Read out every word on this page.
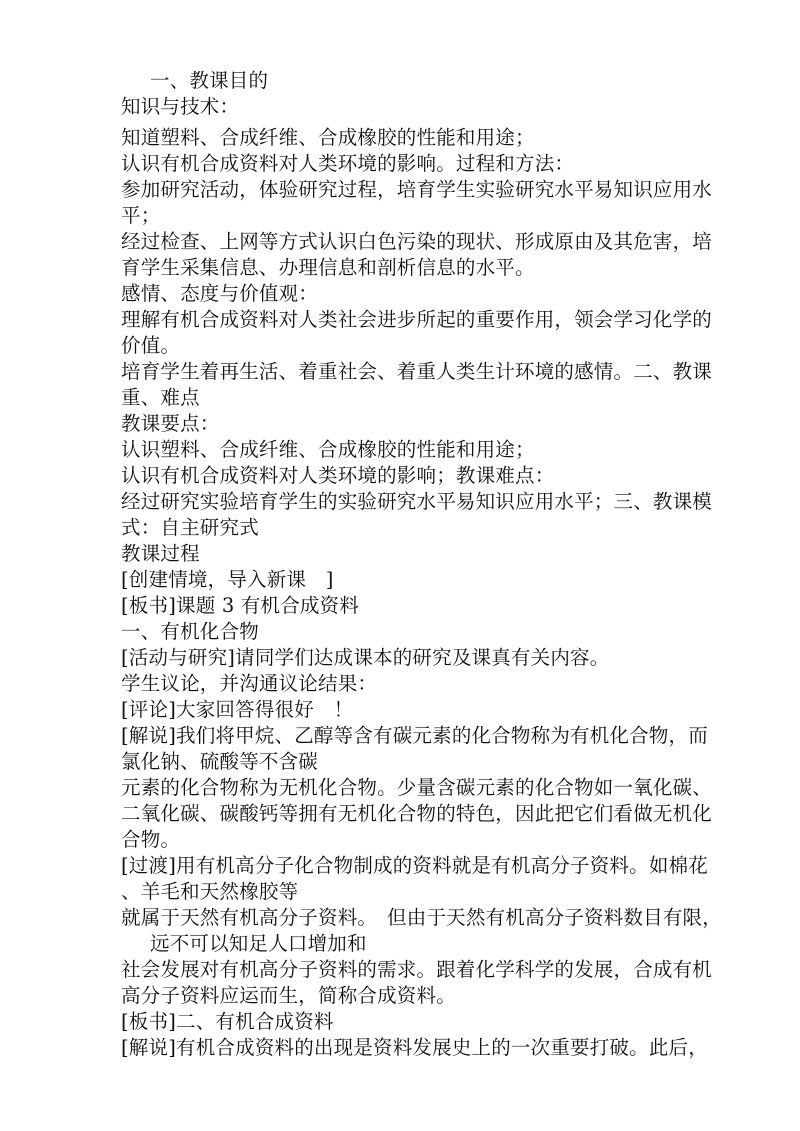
一、教课目的
知识与技术：
知道塑料、合成纤维、合成橡胶的性能和用途；
认识有机合成资料对人类环境的影响。过程和方法：
参加研究活动，体验研究过程，培育学生实验研究水平易知识应用水
平；
经过检查、上网等方式认识白色污染的现状、形成原由及其危害，培
育学生采集信息、办理信息和剖析信息的水平。
感情、态度与价值观：
理解有机合成资料对人类社会进步所起的重要作用，领会学习化学的
价值。
培育学生着再生活、着重社会、着重人类生计环境的感情。二、教课
重、难点
教课要点：
认识塑料、合成纤维、合成橡胶的性能和用途；
认识有机合成资料对人类环境的影响；教课难点：
经过研究实验培育学生的实验研究水平易知识应用水平；三、教课模
式：自主研究式
教课过程
[创建情境，导入新课　]
[板书]课题 3 有机合成资料
一、有机化合物
[活动与研究]请同学们达成课本的研究及课真有关内容。
学生议论，并沟通议论结果：
[评论]大家回答得很好　！
[解说]我们将甲烷、乙醇等含有碳元素的化合物称为有机化合物，而
氯化钠、硫酸等不含碳
元素的化合物称为无机化合物。少量含碳元素的化合物如一氧化碳、
二氧化碳、碳酸钙等拥有无机化合物的特色，因此把它们看做无机化
合物。
[过渡]用有机高分子化合物制成的资料就是有机高分子资料。如棉花
、羊毛和天然橡胶等
就属于天然有机高分子资料。　但由于天然有机高分子资料数目有限，
远不可以知足人口增加和
社会发展对有机高分子资料的需求。跟着化学科学的发展，合成有机
高分子资料应运而生，简称合成资料。
[板书]二、有机合成资料
[解说]有机合成资料的出现是资料发展史上的一次重要打破。此后，
